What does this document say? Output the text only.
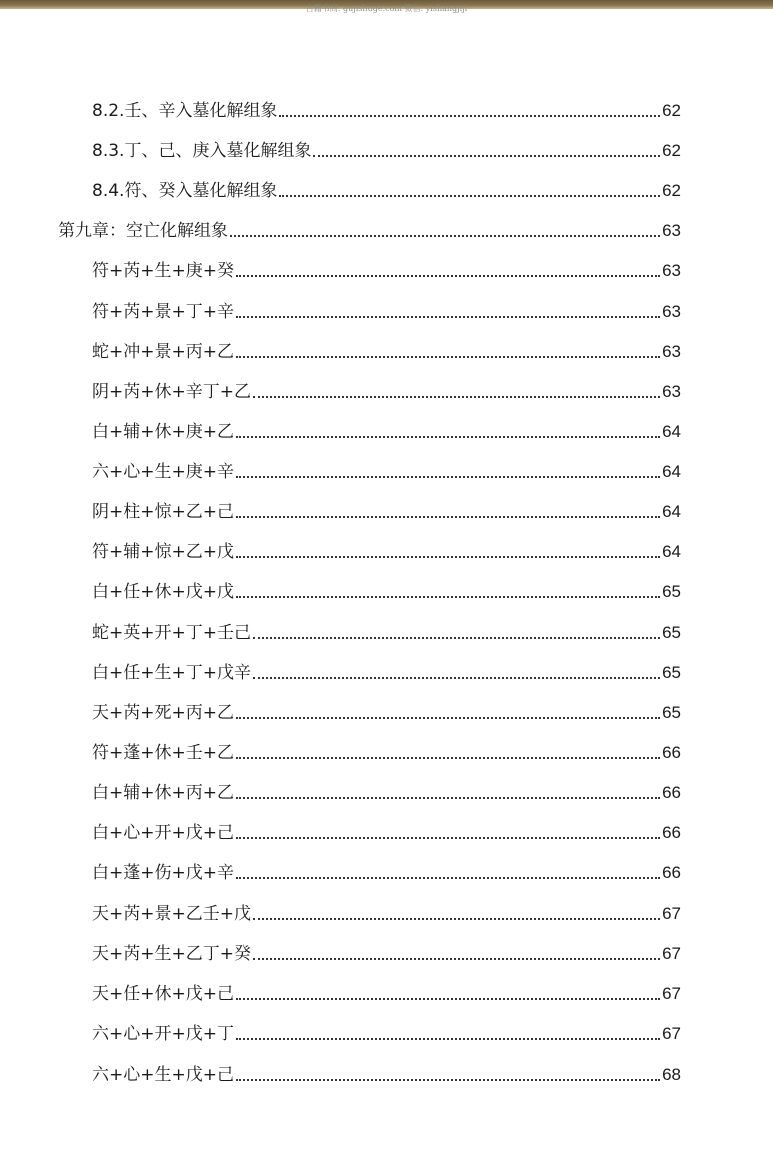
古籍书阁: gujishuge.com 微信: yishangjiji
8.2.壬、辛入墓化解组象	62
8.3.丁、己、庚入墓化解组象	62
8.4.符、癸入墓化解组象	62
第九章：空亡化解组象	63
符+芮+生+庚+癸	63
符+芮+景+丁+辛	63
蛇+冲+景+丙+乙	63
阴+芮+休+辛丁+乙	63
白+辅+休+庚+乙	64
六+心+生+庚+辛	64
阴+柱+惊+乙+己	64
符+辅+惊+乙+戊	64
白+任+休+戊+戊	65
蛇+英+开+丁+壬己	65
白+任+生+丁+戊辛	65
天+芮+死+丙+乙	65
符+蓬+休+壬+乙	66
白+辅+休+丙+乙	66
白+心+开+戊+己	66
白+蓬+伤+戊+辛	66
天+芮+景+乙壬+戊	67
天+芮+生+乙丁+癸	67
天+任+休+戊+己	67
六+心+开+戊+丁	67
六+心+生+戊+己	68
